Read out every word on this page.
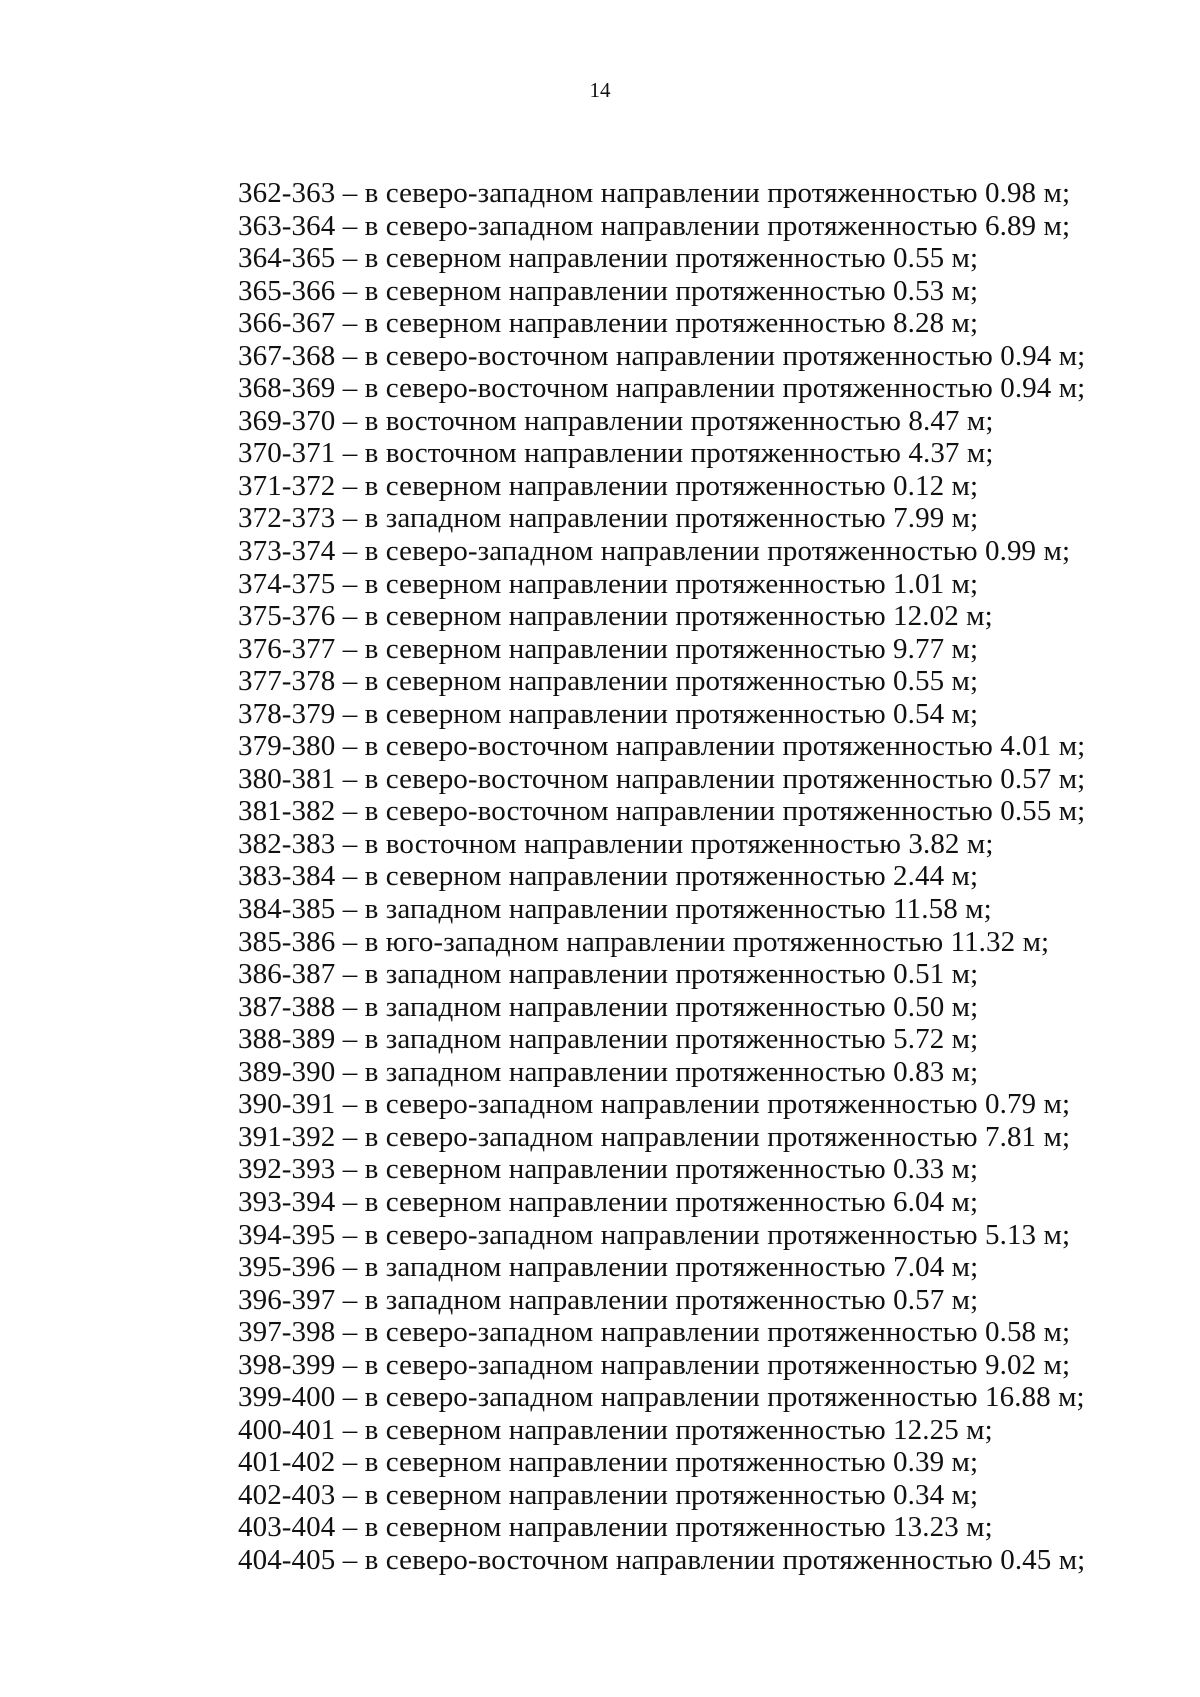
14
362-363 – в северо-западном направлении протяженностью 0.98 м;
363-364 – в северо-западном направлении протяженностью 6.89 м;
364-365 – в северном направлении протяженностью 0.55 м;
365-366 – в северном направлении протяженностью 0.53 м;
366-367 – в северном направлении протяженностью 8.28 м;
367-368 – в северо-восточном направлении протяженностью 0.94 м;
368-369 – в северо-восточном направлении протяженностью 0.94 м;
369-370 – в восточном направлении протяженностью 8.47 м;
370-371 – в восточном направлении протяженностью 4.37 м;
371-372 – в северном направлении протяженностью 0.12 м;
372-373 – в западном направлении протяженностью 7.99 м;
373-374 – в северо-западном направлении протяженностью 0.99 м;
374-375 – в северном направлении протяженностью 1.01 м;
375-376 – в северном направлении протяженностью 12.02 м;
376-377 – в северном направлении протяженностью 9.77 м;
377-378 – в северном направлении протяженностью 0.55 м;
378-379 – в северном направлении протяженностью 0.54 м;
379-380 – в северо-восточном направлении протяженностью 4.01 м;
380-381 – в северо-восточном направлении протяженностью 0.57 м;
381-382 – в северо-восточном направлении протяженностью 0.55 м;
382-383 – в восточном направлении протяженностью 3.82 м;
383-384 – в северном направлении протяженностью 2.44 м;
384-385 – в западном направлении протяженностью 11.58 м;
385-386 – в юго-западном направлении протяженностью 11.32 м;
386-387 – в западном направлении протяженностью 0.51 м;
387-388 – в западном направлении протяженностью 0.50 м;
388-389 – в западном направлении протяженностью 5.72 м;
389-390 – в западном направлении протяженностью 0.83 м;
390-391 – в северо-западном направлении протяженностью 0.79 м;
391-392 – в северо-западном направлении протяженностью 7.81 м;
392-393 – в северном направлении протяженностью 0.33 м;
393-394 – в северном направлении протяженностью 6.04 м;
394-395 – в северо-западном направлении протяженностью 5.13 м;
395-396 – в западном направлении протяженностью 7.04 м;
396-397 – в западном направлении протяженностью 0.57 м;
397-398 – в северо-западном направлении протяженностью 0.58 м;
398-399 – в северо-западном направлении протяженностью 9.02 м;
399-400 – в северо-западном направлении протяженностью 16.88 м;
400-401 – в северном направлении протяженностью 12.25 м;
401-402 – в северном направлении протяженностью 0.39 м;
402-403 – в северном направлении протяженностью 0.34 м;
403-404 – в северном направлении протяженностью 13.23 м;
404-405 – в северо-восточном направлении протяженностью 0.45 м;
